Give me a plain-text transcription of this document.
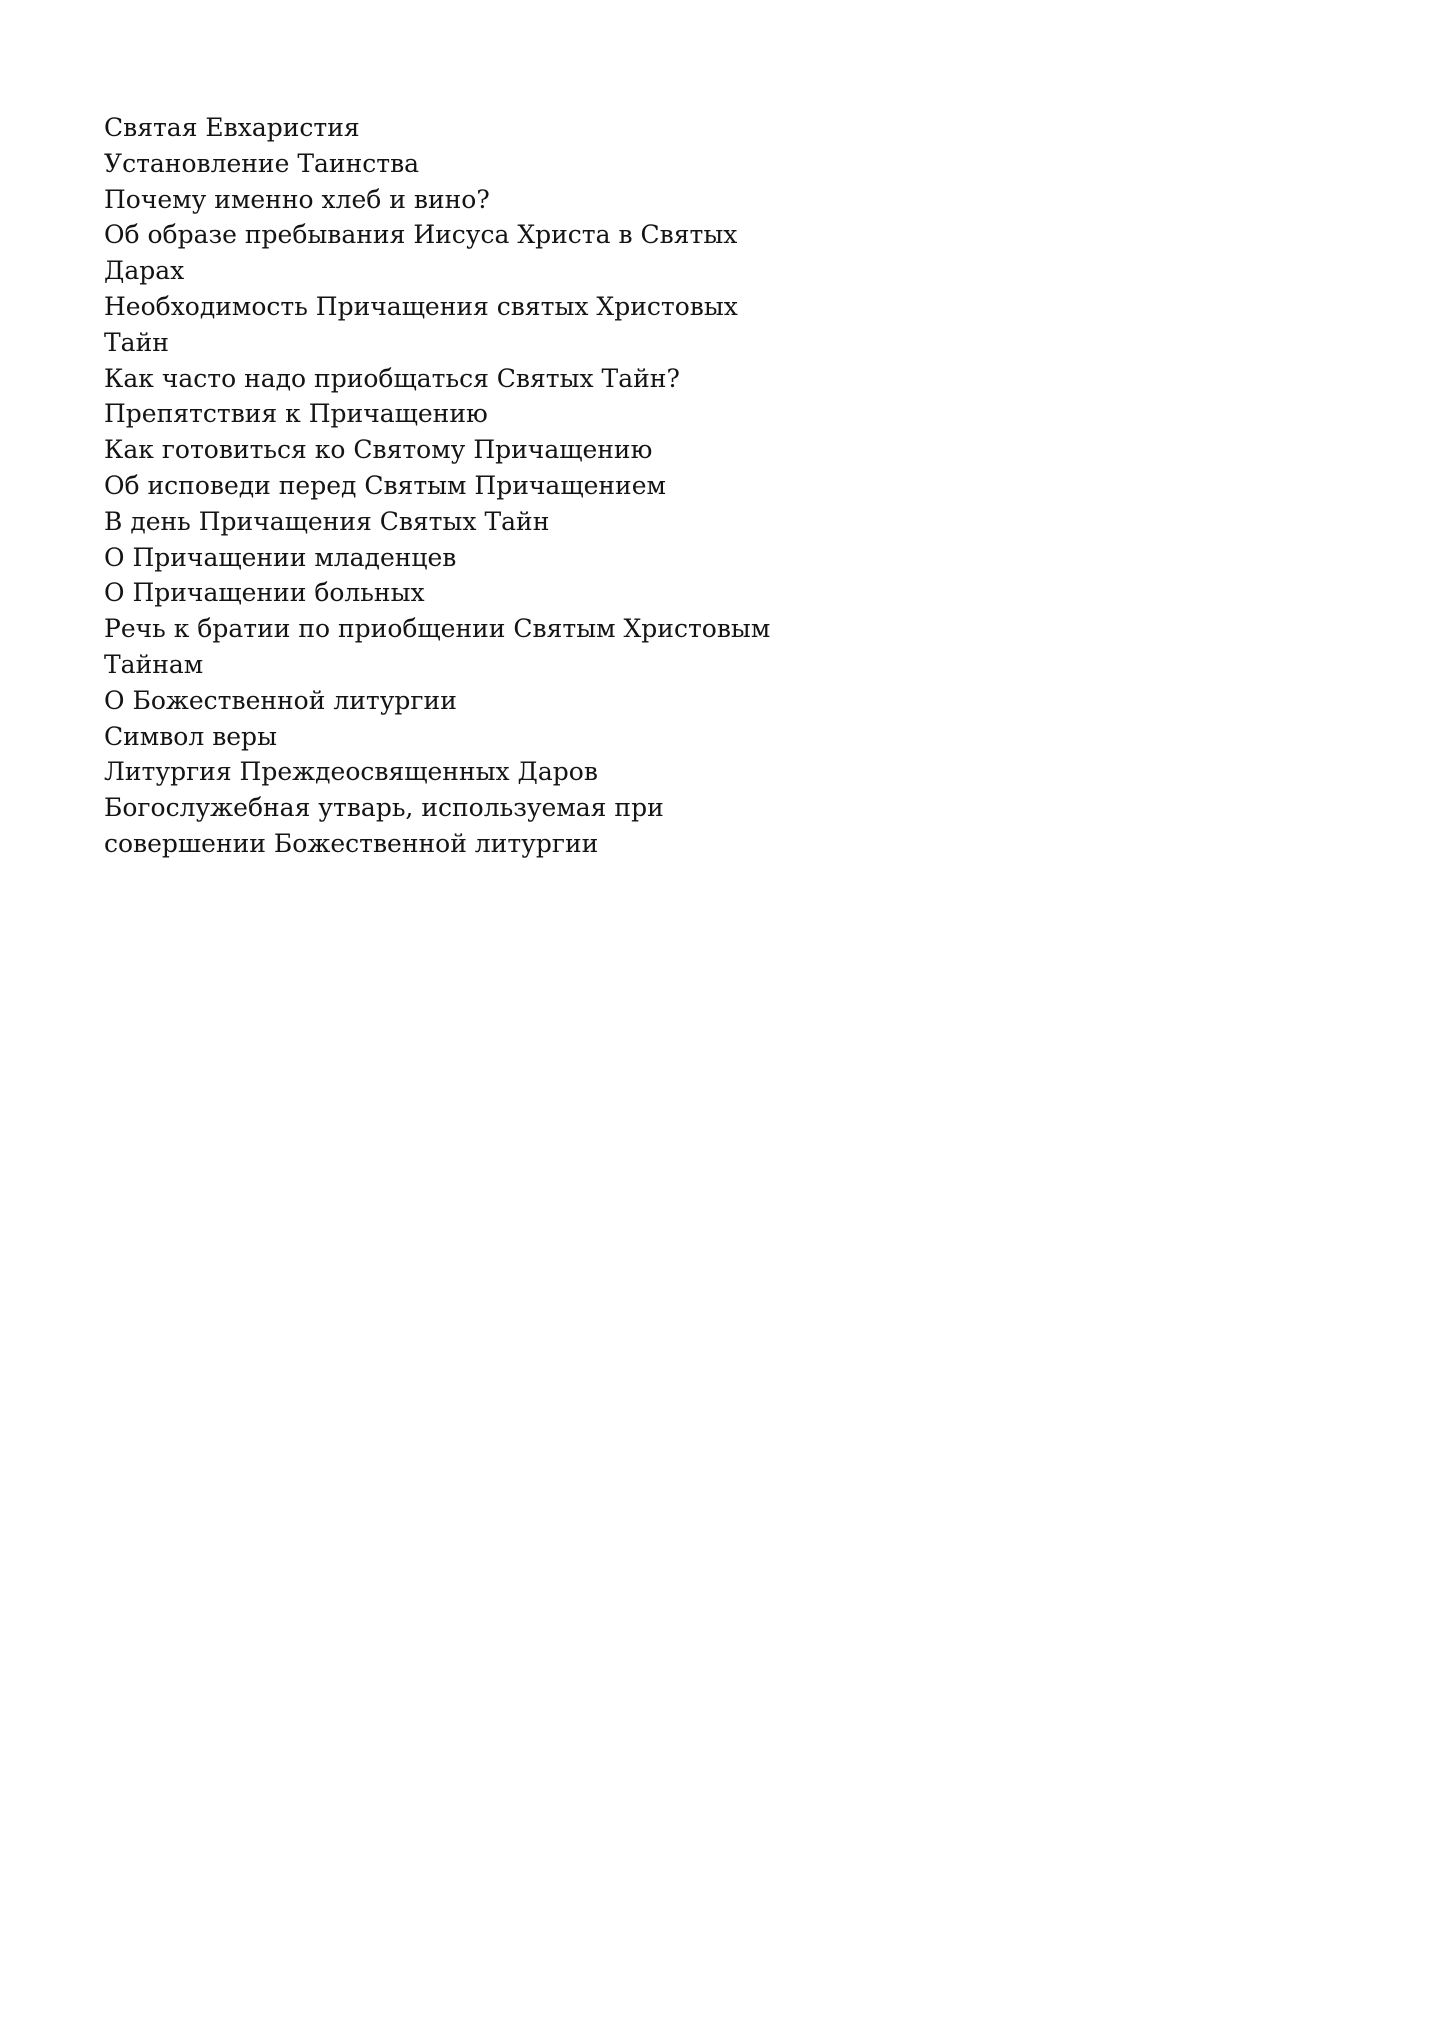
Святая Евхаристия
Установление Таинства
Почему именно хлеб и вино?
Об образе пребывания Иисуса Христа в Святых
Дарах
Необходимость Причащения святых Христовых
Тайн
Как часто надо приобщаться Святых Тайн?
Препятствия к Причащению
Как готовиться ко Святому Причащению
Об исповеди перед Святым Причащением
В день Причащения Святых Тайн
О Причащении младенцев
О Причащении больных
Речь к братии по приобщении Святым Христовым
Тайнам
О Божественной литургии
Символ веры
Литургия Преждеосвященных Даров
Богослужебная утварь, используемая при
совершении Божественной литургии
